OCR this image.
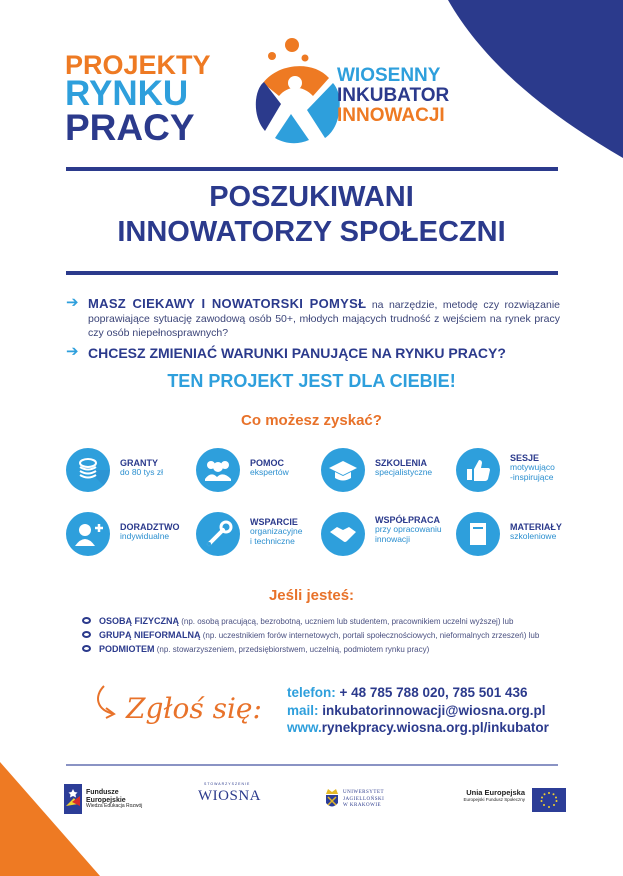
PROJEKTY
RYNKU
PRACY
WIOSENNY
INKUBATOR
INNOWACJI
POSZUKIWANI
INNOWATORZY SPOŁECZNI
➔ MASZ CIEKAWY I NOWATORSKI POMYSŁ na narzędzie, metodę czy rozwiązanie poprawiające sytuację zawodową osób 50+, młodych mających trudność z wejściem na rynek pracy czy osób niepełnosprawnych?
➔ CHCESZ ZMIENIAĆ WARUNKI PANUJĄCE NA RYNKU PRACY?
TEN PROJEKT JEST DLA CIEBIE!
Co możesz zyskać?
GRANTY
do 80 tys zł
POMOC
ekspertów
SZKOLENIA
specjalistyczne
SESJE
motywująco
-inspirujące
DORADZTWO
indywidualne
WSPARCIE
organizacyjne
i techniczne
WSPÓŁPRACA
przy opracowaniu
innowacji
MATERIAŁY
szkoleniowe
Jeśli jesteś:
OSOBĄ FIZYCZNĄ (np. osobą pracującą, bezrobotną, uczniem lub studentem, pracownikiem uczelni wyższej) lub
GRUPĄ NIEFORMALNĄ (np. uczestnikiem forów internetowych, portali społecznościowych, nieformalnych zrzeszeń) lub
PODMIOTEM (np. stowarzyszeniem, przedsiębiorstwem, uczelnią, podmiotem rynku pracy)
Zgłoś się: telefon: + 48 785 788 020, 785 501 436
mail: inkubatorinnowacji@wiosna.org.pl
www.rynekpracy.wiosna.org.pl/inkubator
Fundusze
Europejskie
Wiedza Edukacja Rozwój
STOWARZYSZENIE
WIOSNA	UNIWERSYTET
JAGIELLOŃSKI
W KRAKOWIE
Unia Europejska
Europejski Fundusz Społeczny
